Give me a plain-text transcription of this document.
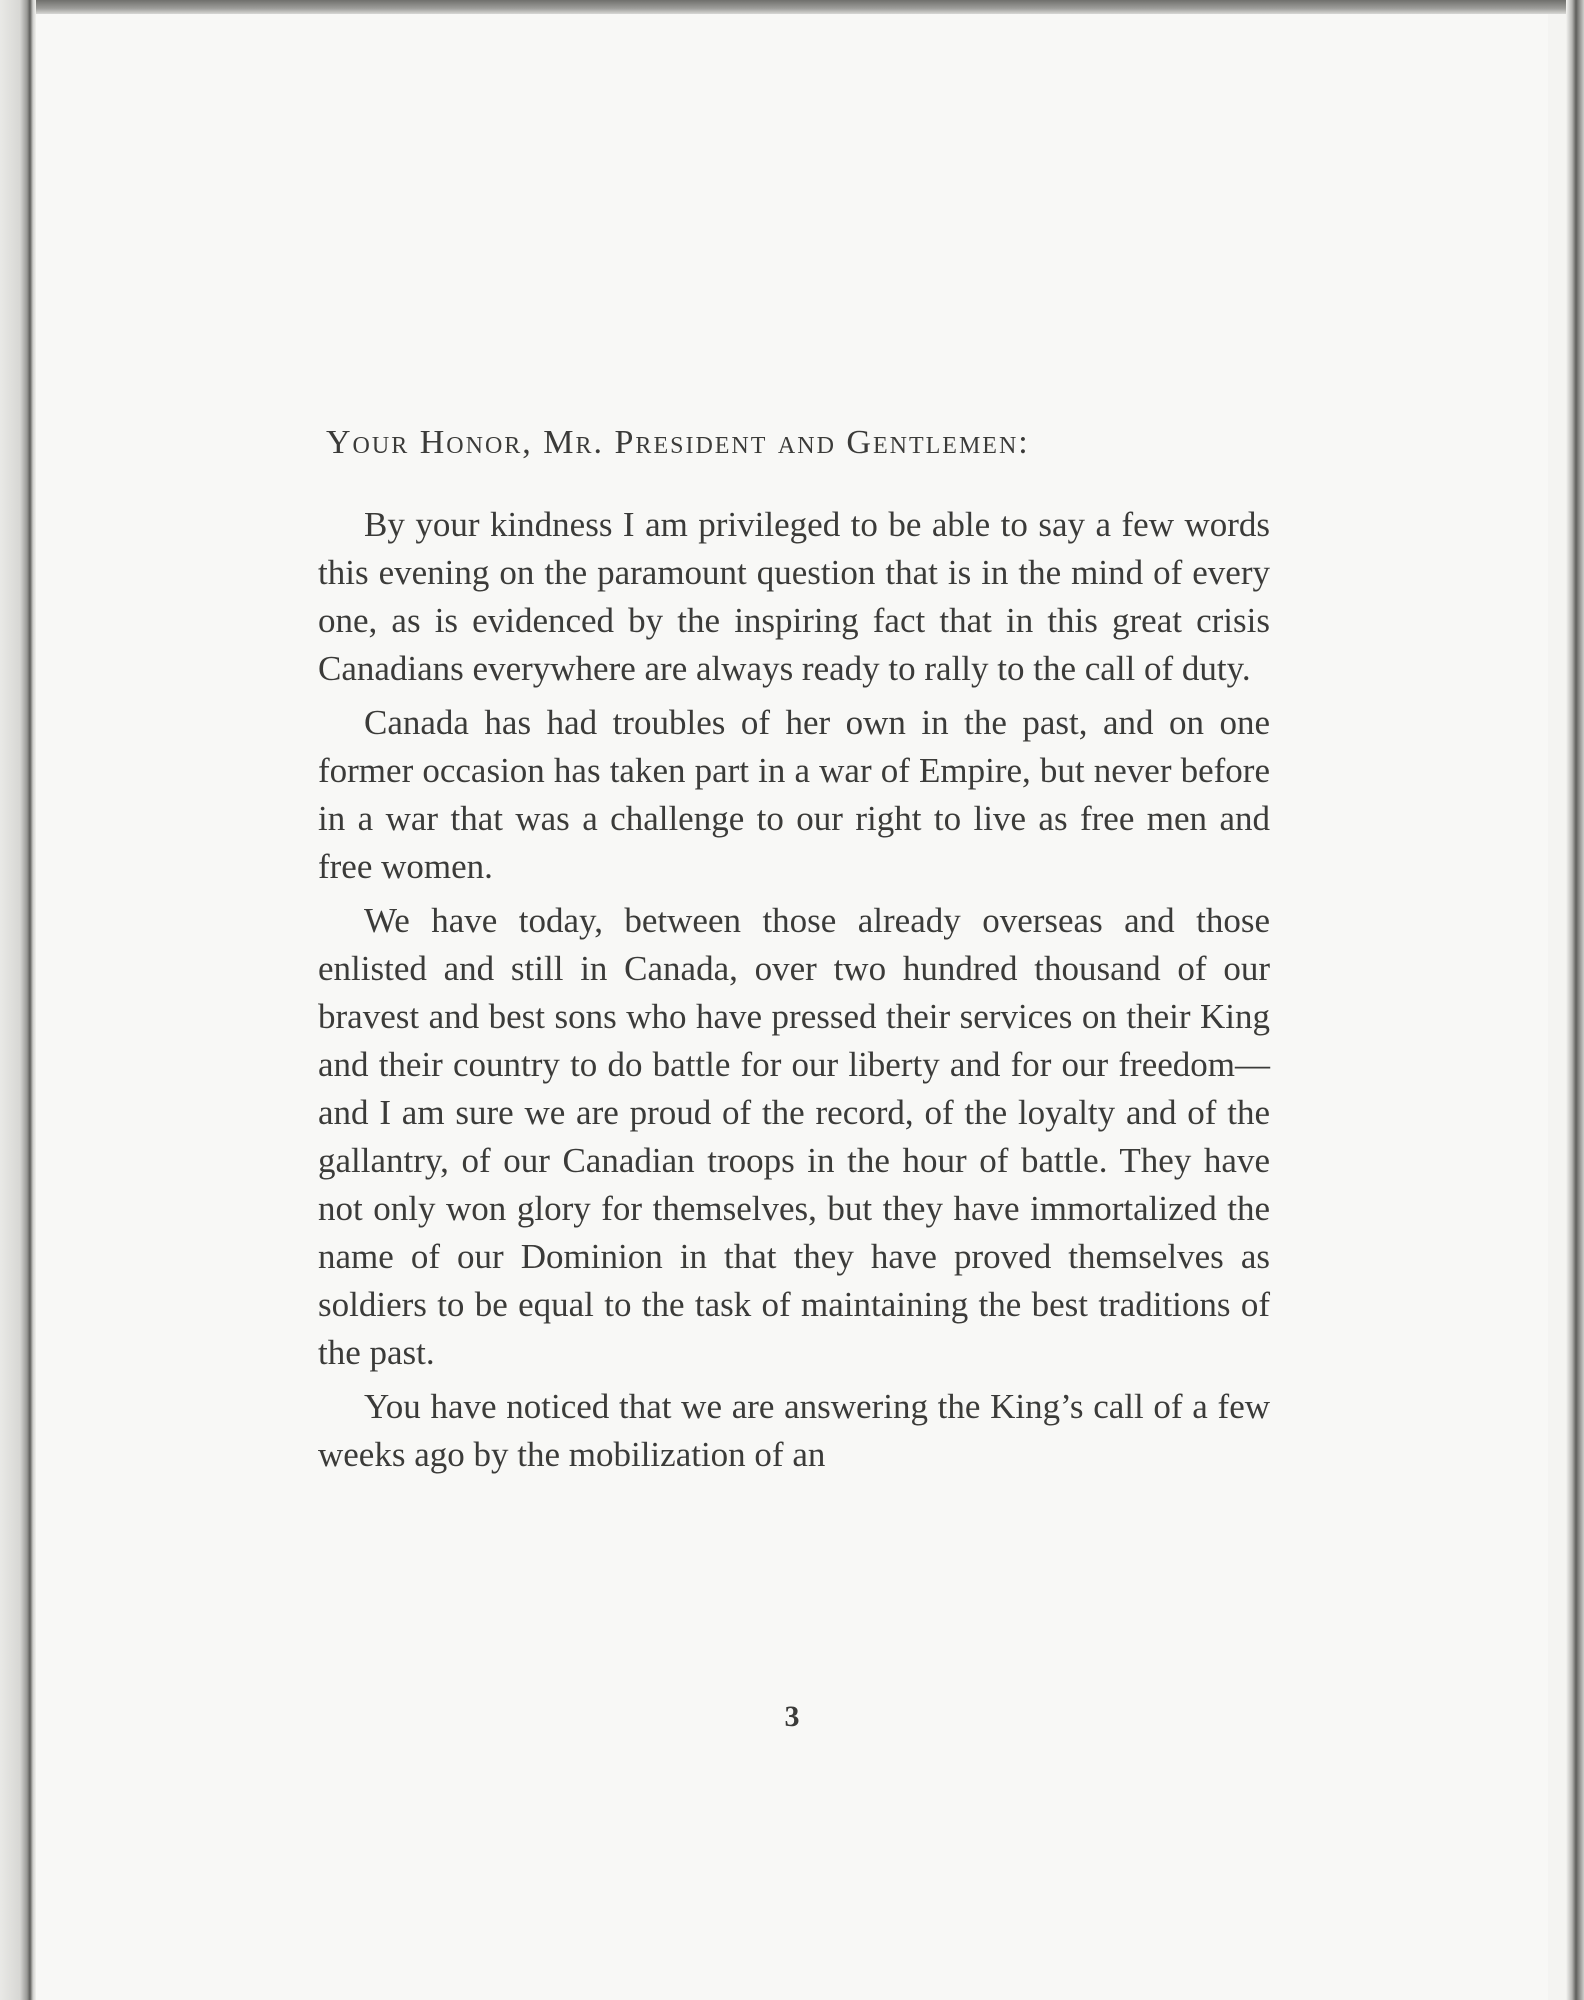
Your Honor, Mr. President and Gentlemen:

By your kindness I am privileged to be able to say a few words this evening on the paramount question that is in the mind of every one, as is evidenced by the inspiring fact that in this great crisis Canadians everywhere are always ready to rally to the call of duty.

Canada has had troubles of her own in the past, and on one former occasion has taken part in a war of Empire, but never before in a war that was a challenge to our right to live as free men and free women.

We have today, between those already overseas and those enlisted and still in Canada, over two hundred thousand of our bravest and best sons who have pressed their services on their King and their country to do battle for our liberty and for our freedom—and I am sure we are proud of the record, of the loyalty and of the gallantry, of our Canadian troops in the hour of battle. They have not only won glory for themselves, but they have immortalized the name of our Dominion in that they have proved themselves as soldiers to be equal to the task of maintaining the best traditions of the past.

You have noticed that we are answering the King’s call of a few weeks ago by the mobilization of an

3
